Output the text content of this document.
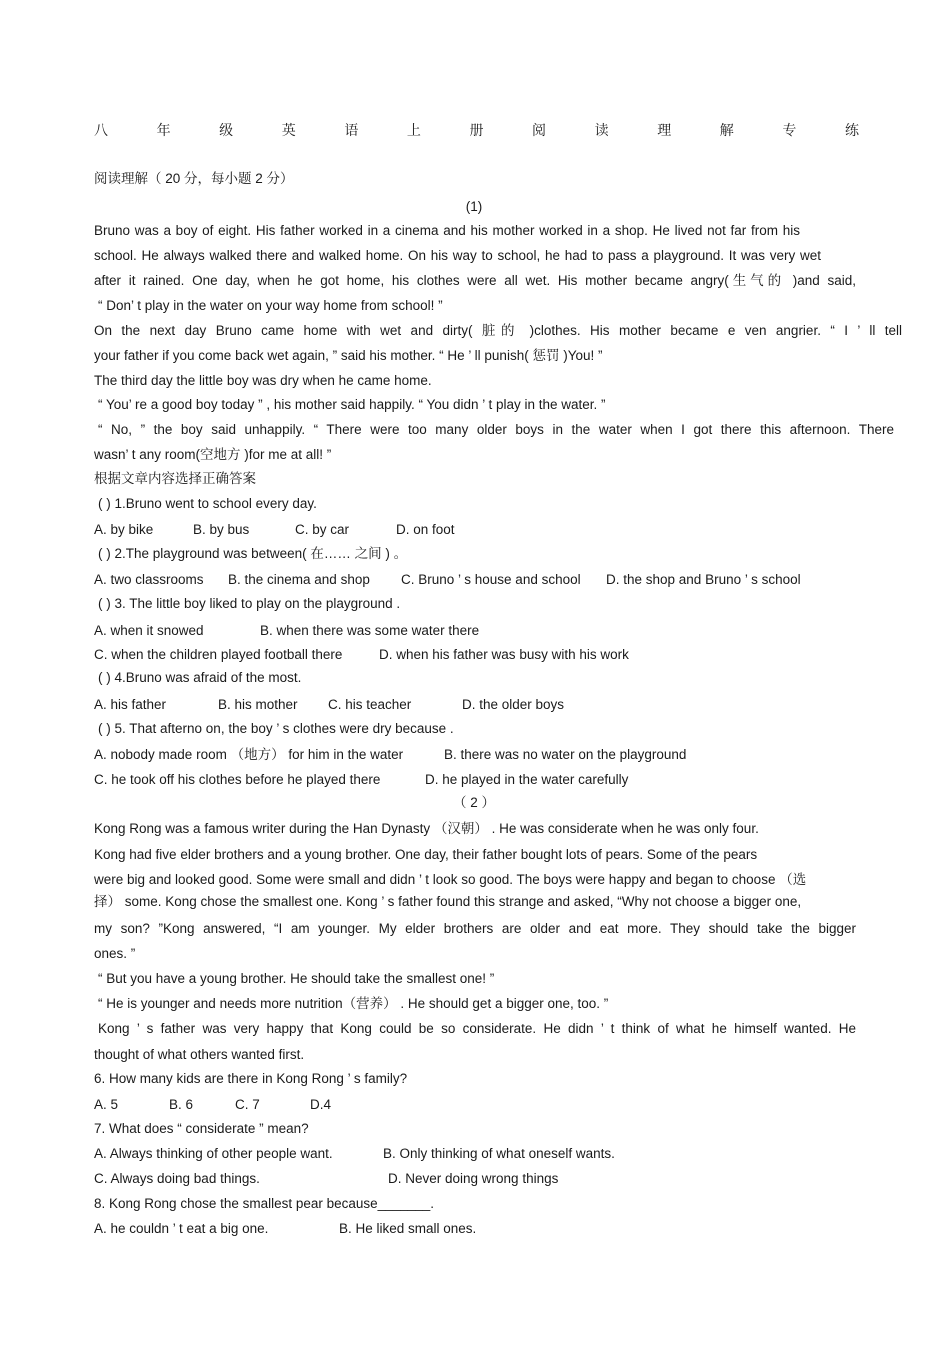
八	年	级	英	语	上	册	阅	读	理	解	专	练
阅读理解（ 20 分，每小题 2 分）
(1)
Bruno was a boy of eight. His father worked in a cinema and his mother worked in a shop. He lived not far from his
school. He always walked there and walked home. On his way to school, he had to pass a playground. It was very wet
after it rained. One day, when he got home, his clothes were all wet. His mother became angry(生气的 )and said,
“ Don’ t play in the water on your way home from school! ”
On the next day Bruno came home with wet and dirty( 脏的 )clothes. His mother became e ven angrier. “ I ’ ll tell
your father if you come back wet again, ” said his mother. “ He ’ ll punish( 惩罚 )You! ”
The third day the little boy was dry when he came home.
“ You’ re a good boy today ” , his mother said happily. “ You didn ’ t play in the water. ”
“ No, ” the boy said unhappily. “ There were too many older boys in the water when I got there this afternoon. There
wasn’ t any room(空地方 )for me at all! ”
根据文章内容选择正确答案
( ) 1.Bruno went to school every day.
A. by bike	B. by bus	C. by car	D. on foot
( ) 2.The playground was between( 在…… 之间 ) 。
A. two classrooms B. the cinema and shop C. Bruno ’ s house and school D. the shop and Bruno ’ s school
( ) 3. The little boy liked to play on the playground .
A. when it snowed	B. when there was some water there
C. when the children played football there	D. when his father was busy with his work
( ) 4.Bruno was afraid of the most.
A. his father	B. his mother C. his teacher	D. the older boys
( ) 5. That afterno on, the boy ’ s clothes were dry because .
A. nobody made room （地方） for him in the water	B. there was no water on the playground
C. he took off his clothes before he played there	D. he played in the water carefully
（ 2 ）
Kong Rong was a famous writer during the Han Dynasty （汉朝） . He was considerate when he was only four.
Kong had five elder brothers and a young brother. One day, their father bought lots of pears. Some of the pears
were big and looked good. Some were small and didn ’ t look so good. The boys were happy and began to choose （选
择） some. Kong chose the smallest one. Kong ’ s father found this strange and asked, “Why not choose a bigger one,
my son? ”Kong answered, “I am younger. My elder brothers are older and eat more. They should take the bigger
ones. ”
“ But you have a young brother. He should take the smallest one! ”
“ He is younger and needs more nutrition（营养） . He should get a bigger one, too. ”
Kong ’ s father was very happy that Kong could be so considerate. He didn ’ t think of what he himself wanted. He
thought of what others wanted first.
6. How many kids are there in Kong Rong ’ s family?
A. 5	B. 6	C. 7	D.4
7. What does “ considerate ” mean?
A. Always thinking of other people want.	B. Only thinking of what oneself wants.
C. Always doing bad things.	D. Never doing wrong things
8. Kong Rong chose the smallest pear because_______.
A. he couldn ’ t eat a big one.	B. He liked small ones.
